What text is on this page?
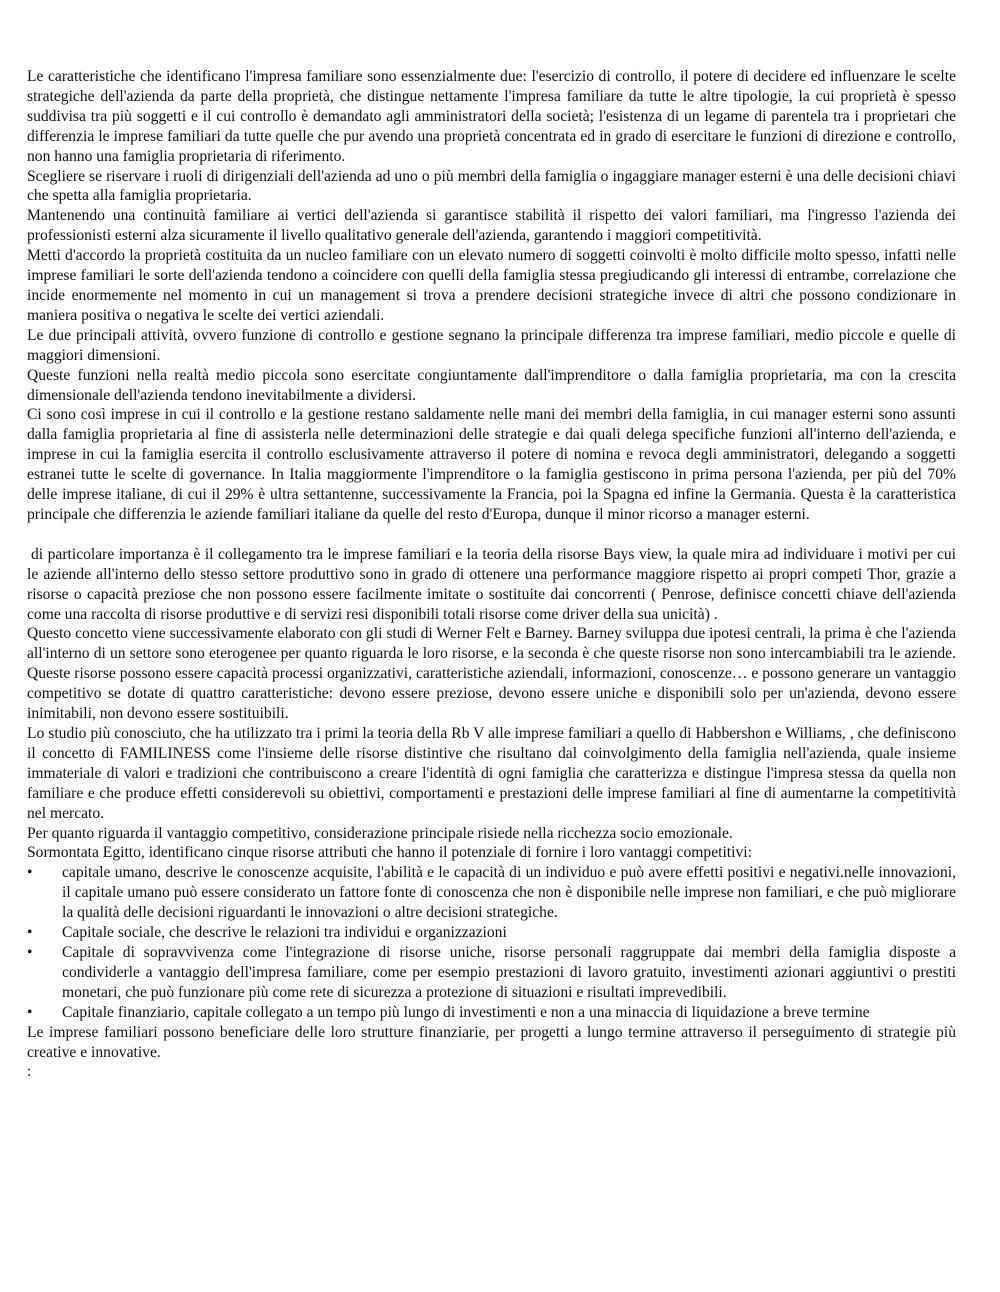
Le caratteristiche che identificano l'impresa familiare sono essenzialmente due: l'esercizio di controllo, il potere di decidere ed influenzare le scelte strategiche dell'azienda da parte della proprietà, che distingue nettamente l'impresa familiare da tutte le altre tipologie, la cui proprietà è spesso suddivisa tra più soggetti e il cui controllo è demandato agli amministratori della società; l'esistenza di un legame di parentela tra i proprietari che differenzia le imprese familiari da tutte quelle che pur avendo una proprietà concentrata ed in grado di esercitare le funzioni di direzione e controllo, non hanno una famiglia proprietaria di riferimento.

Scegliere se riservare i ruoli di dirigenziali dell'azienda ad uno o più membri della famiglia o ingaggiare manager esterni è una delle decisioni chiavi che spetta alla famiglia proprietaria.

Mantenendo una continuità familiare ai vertici dell'azienda si garantisce stabilità il rispetto dei valori familiari, ma l'ingresso l'azienda dei professionisti esterni alza sicuramente il livello qualitativo generale dell'azienda, garantendo i maggiori competitività.

Metti d'accordo la proprietà costituita da un nucleo familiare con un elevato numero di soggetti coinvolti è molto difficile molto spesso, infatti nelle imprese familiari le sorte dell'azienda tendono a coincidere con quelli della famiglia stessa pregiudicando gli interessi di entrambe, correlazione che incide enormemente nel momento in cui un management si trova a prendere decisioni strategiche invece di altri che possono condizionare in maniera positiva o negativa le scelte dei vertici aziendali.

Le due principali attività, ovvero funzione di controllo e gestione segnano la principale differenza tra imprese familiari, medio piccole e quelle di maggiori dimensioni.

Queste funzioni nella realtà medio piccola sono esercitate congiuntamente dall'imprenditore o dalla famiglia proprietaria, ma con la crescita dimensionale dell'azienda tendono inevitabilmente a dividersi.

Ci sono così imprese in cui il controllo e la gestione restano saldamente nelle mani dei membri della famiglia, in cui manager esterni sono assunti dalla famiglia proprietaria al fine di assisterla nelle determinazioni delle strategie e dai quali delega specifiche funzioni all'interno dell'azienda, e imprese in cui la famiglia esercita il controllo esclusivamente attraverso il potere di nomina e revoca degli amministratori, delegando a soggetti estranei tutte le scelte di governance. In Italia maggiormente l'imprenditore o la famiglia gestiscono in prima persona l'azienda, per più del 70% delle imprese italiane, di cui il 29% è ultra settantenne, successivamente la Francia, poi la Spagna ed infine la Germania. Questa è la caratteristica principale che differenzia le aziende familiari italiane da quelle del resto d'Europa, dunque il minor ricorso a manager esterni.

di particolare importanza è il collegamento tra le imprese familiari e la teoria della risorse Bays view, la quale mira ad individuare i motivi per cui le aziende all'interno dello stesso settore produttivo sono in grado di ottenere una performance maggiore rispetto ai propri competi Thor, grazie a risorse o capacità preziose che non possono essere facilmente imitate o sostituite dai concorrenti ( Penrose, definisce concetti chiave dell'azienda come una raccolta di risorse produttive e di servizi resi disponibili totali risorse come driver della sua unicità) .

Questo concetto viene successivamente elaborato con gli studi di Werner Felt e Barney. Barney sviluppa due ipotesi centrali, la prima è che l'azienda all'interno di un settore sono eterogenee per quanto riguarda le loro risorse, e la seconda è che queste risorse non sono intercambiabili tra le aziende. Queste risorse possono essere capacità processi organizzativi, caratteristiche aziendali, informazioni, conoscenze… e possono generare un vantaggio competitivo se dotate di quattro caratteristiche: devono essere preziose, devono essere uniche e disponibili solo per un'azienda, devono essere inimitabili, non devono essere sostituibili.

Lo studio più conosciuto, che ha utilizzato tra i primi la teoria della Rb V alle imprese familiari a quello di Habbershon e Williams, , che definiscono il concetto di FAMILINESS come l'insieme delle risorse distintive che risultano dal coinvolgimento della famiglia nell'azienda, quale insieme immateriale di valori e tradizioni che contribuiscono a creare l'identità di ogni famiglia che caratterizza e distingue l'impresa stessa da quella non familiare e che produce effetti considerevoli su obiettivi, comportamenti e prestazioni delle imprese familiari al fine di aumentarne la competitività nel mercato.

Per quanto riguarda il vantaggio competitivo, considerazione principale risiede nella ricchezza socio emozionale.

Sormontata Egitto, identificano cinque risorse attributi che hanno il potenziale di fornire i loro vantaggi competitivi:

• capitale umano, descrive le conoscenze acquisite, l'abilità e le capacità di un individuo e può avere effetti positivi e negativi.nelle innovazioni, il capitale umano può essere considerato un fattore fonte di conoscenza che non è disponibile nelle imprese non familiari, e che può migliorare la qualità delle decisioni riguardanti le innovazioni o altre decisioni strategiche.
• Capitale sociale, che descrive le relazioni tra individui e organizzazioni
• Capitale di sopravvivenza come l'integrazione di risorse uniche, risorse personali raggruppate dai membri della famiglia disposte a condividerle a vantaggio dell'impresa familiare, come per esempio prestazioni di lavoro gratuito, investimenti azionari aggiuntivi o prestiti monetari, che può funzionare più come rete di sicurezza a protezione di situazioni e risultati imprevedibili.
• Capitale finanziario, capitale collegato a un tempo più lungo di investimenti e non a una minaccia di liquidazione a breve termine

Le imprese familiari possono beneficiare delle loro strutture finanziarie, per progetti a lungo termine attraverso il perseguimento di strategie più creative e innovative.

:
